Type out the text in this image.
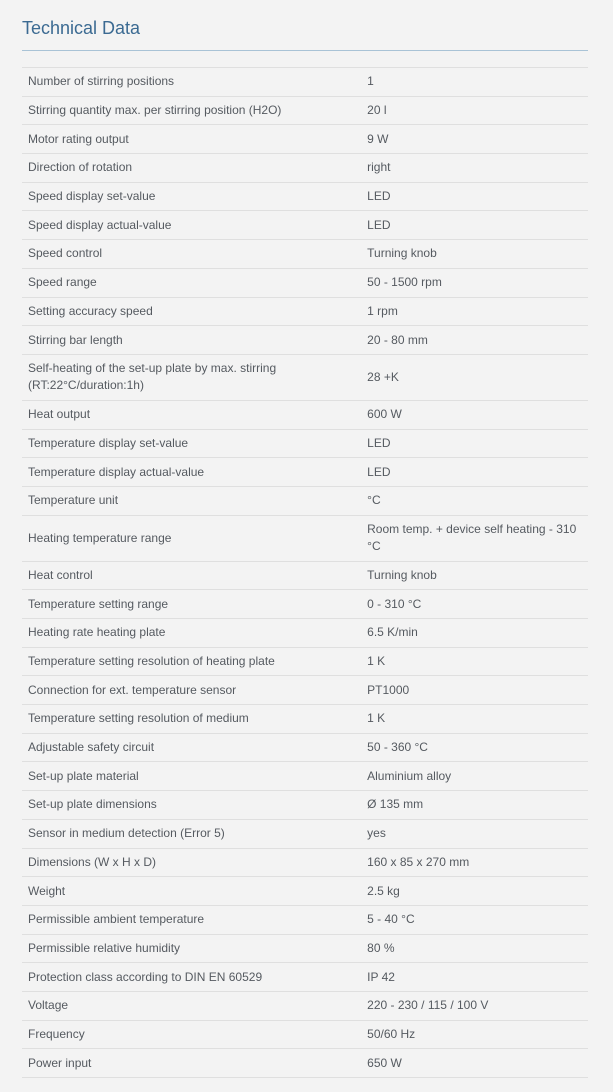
Technical Data
Number of stirring positions	1
Stirring quantity max. per stirring position (H2O)	20 l
Motor rating output	9 W
Direction of rotation	right
Speed display set-value	LED
Speed display actual-value	LED
Speed control	Turning knob
Speed range	50 - 1500 rpm
Setting accuracy speed	1 rpm
Stirring bar length	20 - 80 mm
Self-heating of the set-up plate by max. stirring (RT:22°C/duration:1h)	28 +K
Heat output	600 W
Temperature display set-value	LED
Temperature display actual-value	LED
Temperature unit	°C
Heating temperature range	Room temp. + device self heating - 310 °C
Heat control	Turning knob
Temperature setting range	0 - 310 °C
Heating rate heating plate	6.5 K/min
Temperature setting resolution of heating plate	1 K
Connection for ext. temperature sensor	PT1000
Temperature setting resolution of medium	1 K
Adjustable safety circuit	50 - 360 °C
Set-up plate material	Aluminium alloy
Set-up plate dimensions	Ø 135 mm
Sensor in medium detection (Error 5)	yes
Dimensions (W x H x D)	160 x 85 x 270 mm
Weight	2.5 kg
Permissible ambient temperature	5 - 40 °C
Permissible relative humidity	80 %
Protection class according to DIN EN 60529	IP 42
Voltage	220 - 230 / 115 / 100 V
Frequency	50/60 Hz
Power input	650 W
